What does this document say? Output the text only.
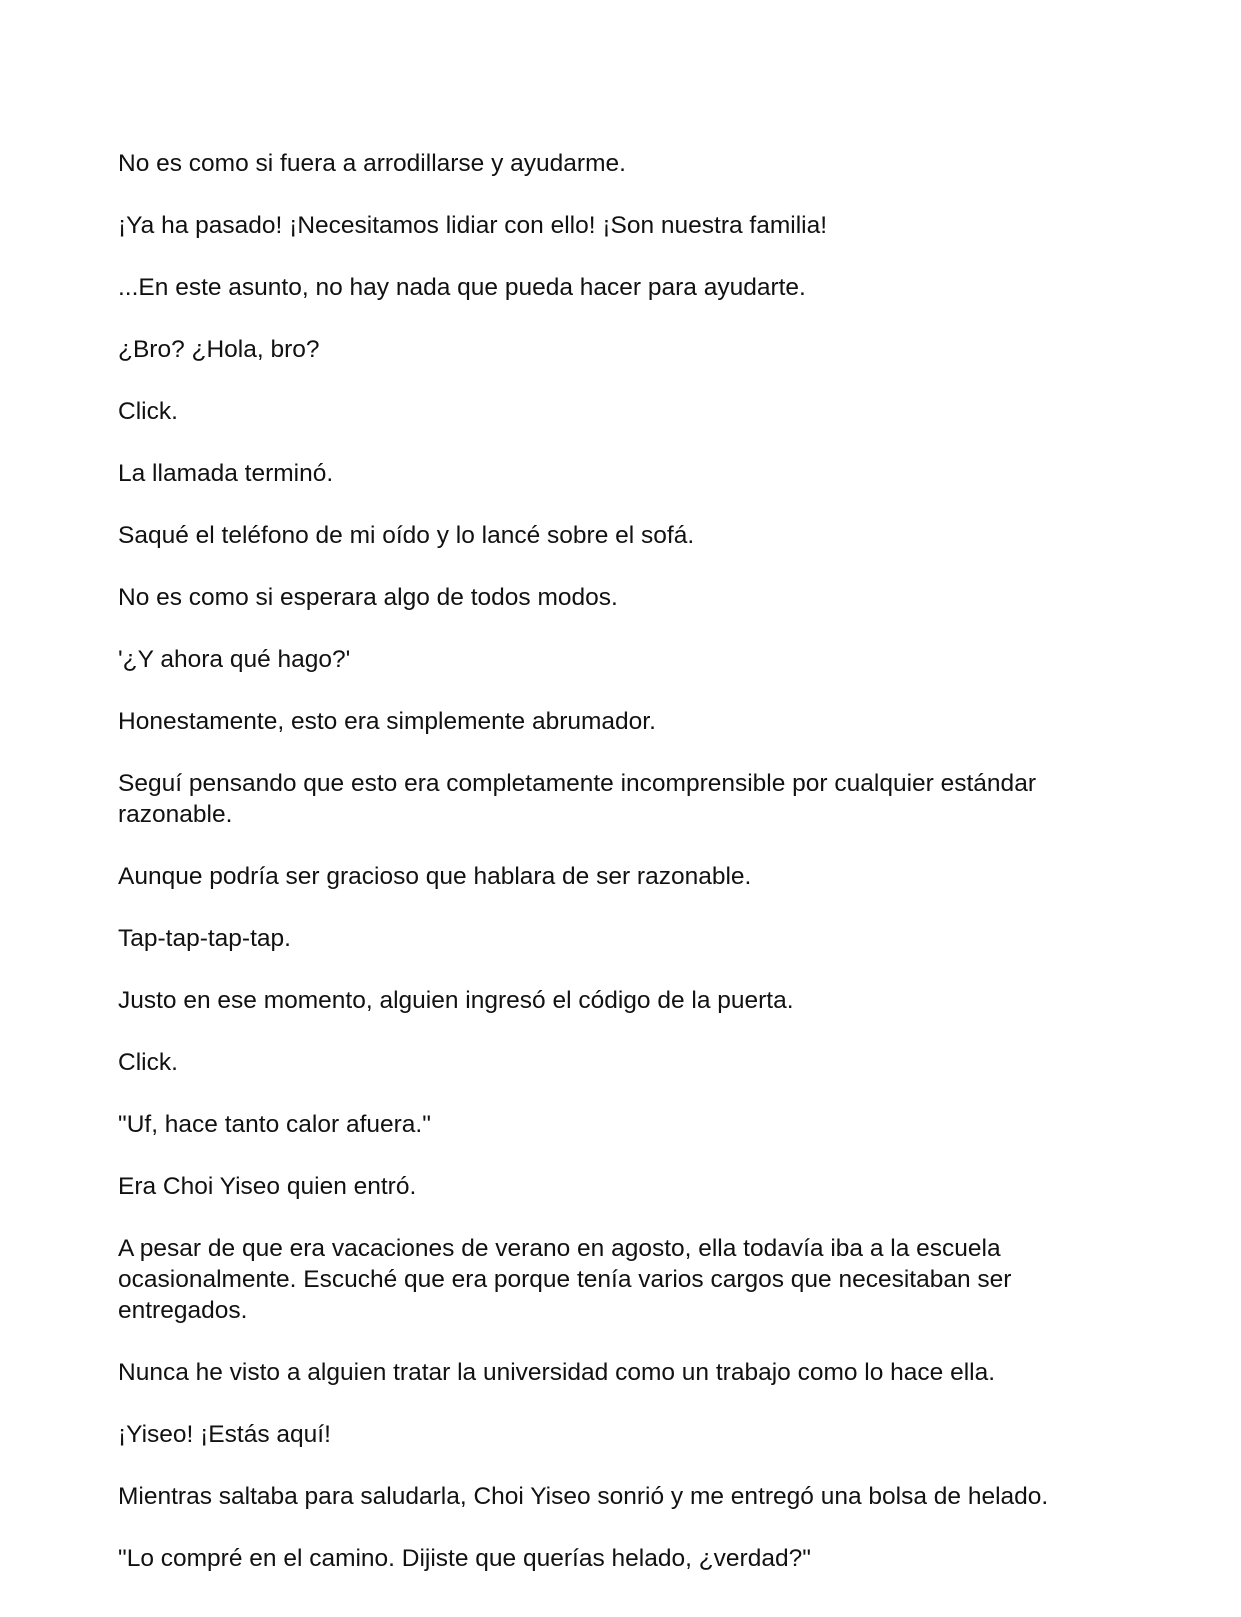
No es como si fuera a arrodillarse y ayudarme.

¡Ya ha pasado! ¡Necesitamos lidiar con ello! ¡Son nuestra familia!

...En este asunto, no hay nada que pueda hacer para ayudarte.

¿Bro? ¿Hola, bro?

Click.

La llamada terminó.

Saqué el teléfono de mi oído y lo lancé sobre el sofá.

No es como si esperara algo de todos modos.

'¿Y ahora qué hago?'

Honestamente, esto era simplemente abrumador.

Seguí pensando que esto era completamente incomprensible por cualquier estándar razonable.

Aunque podría ser gracioso que hablara de ser razonable.

Tap-tap-tap-tap.

Justo en ese momento, alguien ingresó el código de la puerta.

Click.

"Uf, hace tanto calor afuera."

Era Choi Yiseo quien entró.

A pesar de que era vacaciones de verano en agosto, ella todavía iba a la escuela ocasionalmente. Escuché que era porque tenía varios cargos que necesitaban ser entregados.

Nunca he visto a alguien tratar la universidad como un trabajo como lo hace ella.

¡Yiseo! ¡Estás aquí!

Mientras saltaba para saludarla, Choi Yiseo sonrió y me entregó una bolsa de helado.

"Lo compré en el camino. Dijiste que querías helado, ¿verdad?"
